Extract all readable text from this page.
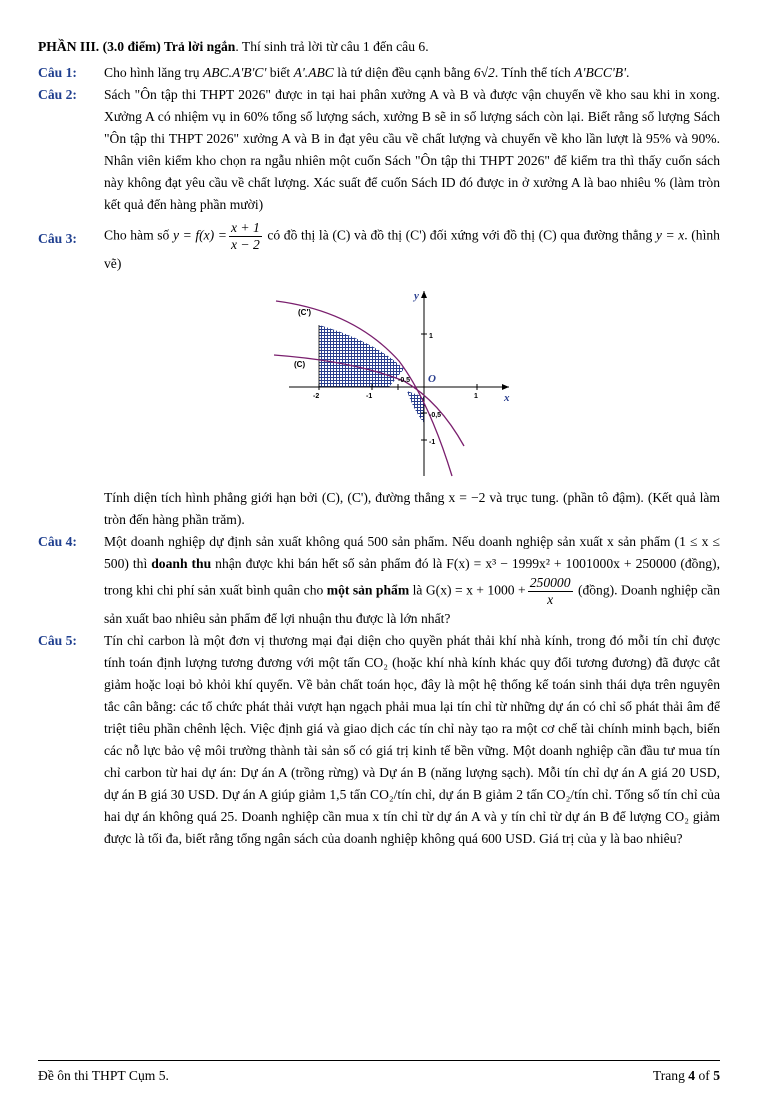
PHẦN III. (3.0 điểm) Trả lời ngắn. Thí sinh trả lời từ câu 1 đến câu 6.

Câu 1:	Cho hình lăng trụ ABC.A'B'C' biết A'.ABC là tứ diện đều cạnh bằng 6√2. Tính thể tích A'BCC'B'.
Câu 2:	Sách "Ôn tập thi THPT 2026" được in tại hai phân xưởng A và B và được vận chuyển về kho sau khi in xong. Xưởng A có nhiệm vụ in 60% tổng số lượng sách, xưởng B sẽ in số lượng sách còn lại. Biết rằng số lượng Sách "Ôn tập thi THPT 2026" xưởng A và B in đạt yêu cầu về chất lượng và chuyển về kho lần lượt là 95% và 90%. Nhân viên kiểm kho chọn ra ngẫu nhiên một cuốn Sách "Ôn tập thi THPT 2026" để kiểm tra thì thấy cuốn sách này không đạt yêu cầu về chất lượng. Xác suất để cuốn Sách ID đó được in ở xưởng A là bao nhiêu % (làm tròn kết quả đến hàng phần mười)
Câu 3:	Cho hàm số $y = f(x) = \frac{x + 1}{x - 2}$ có đồ thị là (C) và đồ thị (C') đối xứng với đồ thị (C) qua đường thẳng y = x. (hình vẽ)

y
x
O
(C)
(C')
-2	-1
-0.5
1
1
-0,5
-1

Tính diện tích hình phẳng giới hạn bởi (C), (C'), đường thẳng x = −2 và trục tung. (phần tô đậm). (Kết quả làm tròn đến hàng phần trăm).

Câu 4:	Một doanh nghiệp dự định sản xuất không quá 500 sản phẩm. Nếu doanh nghiệp sản xuất x sản phẩm (1 ≤ x ≤ 500) thì doanh thu nhận được khi bán hết số sản phẩm đó là F(x) = x³ − 1999x² + 1001000x + 250000 (đồng), trong khi chi phí sản xuất bình quân cho một sản phẩm là $G(x) = x + 1000 + \frac{250000}{x}$ (đồng). Doanh nghiệp cần sản xuất bao nhiêu sản phẩm để lợi nhuận thu được là lớn nhất?
Câu 5:	Tín chỉ carbon là một đơn vị thương mại đại diện cho quyền phát thải khí nhà kính, trong đó mỗi tín chỉ được tính toán định lượng tương đương với một tấn CO₂ (hoặc khí nhà kính khác quy đổi tương đương) đã được cắt giảm hoặc loại bỏ khỏi khí quyển. Về bản chất toán học, đây là một hệ thống kế toán sinh thái dựa trên nguyên tắc cân bằng: các tổ chức phát thải vượt hạn ngạch phải mua lại tín chỉ từ những dự án có chỉ số phát thải âm để triệt tiêu phần chênh lệch. Việc định giá và giao dịch các tín chỉ này tạo ra một cơ chế tài chính minh bạch, biến các nỗ lực bảo vệ môi trường thành tài sản số có giá trị kinh tế bền vững. Một doanh nghiệp cần đầu tư mua tín chỉ carbon từ hai dự án: Dự án A (trồng rừng) và Dự án B (năng lượng sạch). Mỗi tín chỉ dự án A giá 20 USD, dự án B giá 30 USD. Dự án A giúp giảm 1,5 tấn CO₂/tín chỉ, dự án B giảm 2 tấn CO₂/tín chỉ. Tổng số tín chỉ của hai dự án không quá 25. Doanh nghiệp cần mua x tín chỉ từ dự án A và y tín chỉ từ dự án B để lượng CO₂ giảm được là tối đa, biết rằng tổng ngân sách của doanh nghiệp không quá 600 USD. Giá trị của y là bao nhiêu?
Đề ôn thi THPT Cụm 5.	Trang 4 of 5
